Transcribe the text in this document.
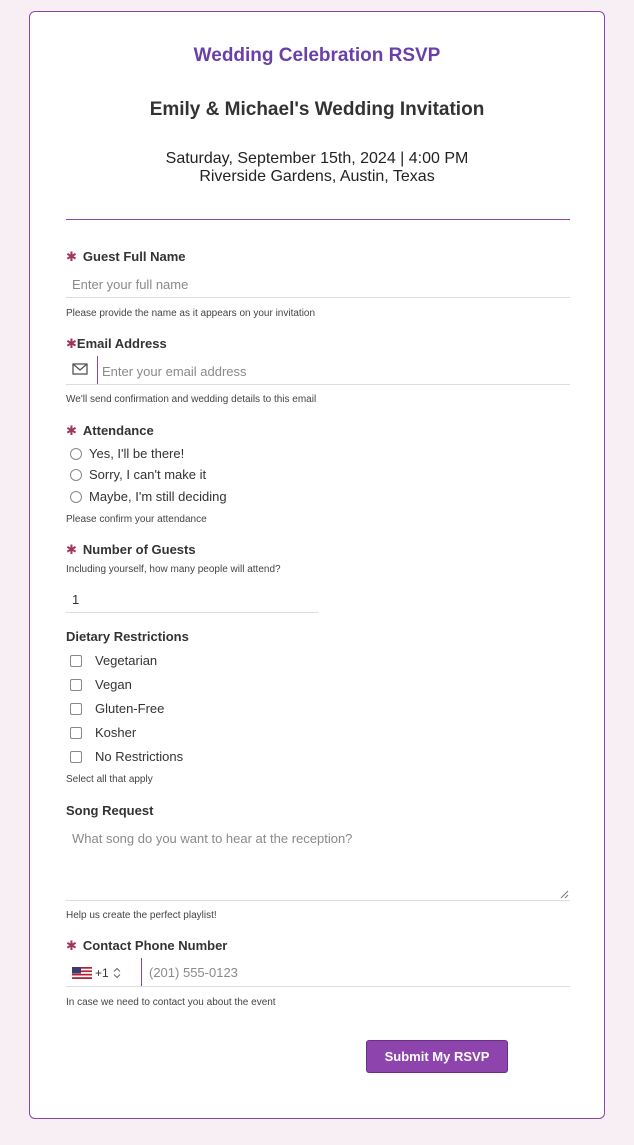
Wedding Celebration RSVP
Emily & Michael's Wedding Invitation
Saturday, September 15th, 2024 | 4:00 PM
Riverside Gardens, Austin, Texas
✱ Guest Full Name
Enter your full name
Please provide the name as it appears on your invitation
✱Email Address
Enter your email address
We'll send confirmation and wedding details to this email
✱ Attendance
Yes, I'll be there!
Sorry, I can't make it
Maybe, I'm still deciding
Please confirm your attendance
✱ Number of Guests
Including yourself, how many people will attend?
1
Dietary Restrictions
Vegetarian
Vegan
Gluten-Free
Kosher
No Restrictions
Select all that apply
Song Request
What song do you want to hear at the reception?
Help us create the perfect playlist!
✱ Contact Phone Number
+1	(201) 555-0123
In case we need to contact you about the event
Submit My RSVP
